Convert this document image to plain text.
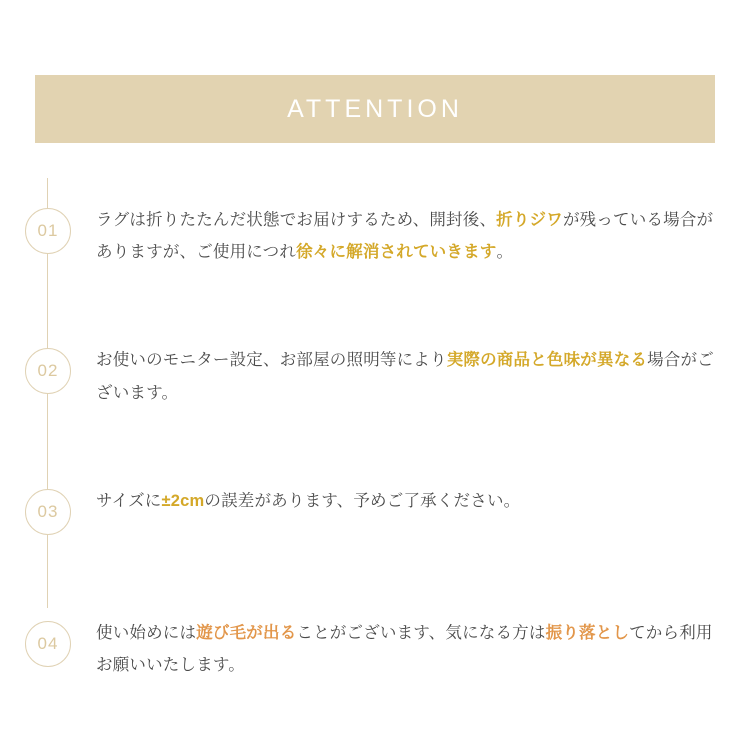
ATTENTION
01
ラグは折りたたんだ状態でお届けするため、開封後、折りジワが残っている場合がありますが、ご使用につれ徐々に解消されていきます。
02
お使いのモニター設定、お部屋の照明等により実際の商品と色味が異なる場合がございます。
03
サイズに±2cmの誤差があります、予めご了承ください。
04
使い始めには遊び毛が出ることがございます、気になる方は振り落としてから利用お願いいたします。
